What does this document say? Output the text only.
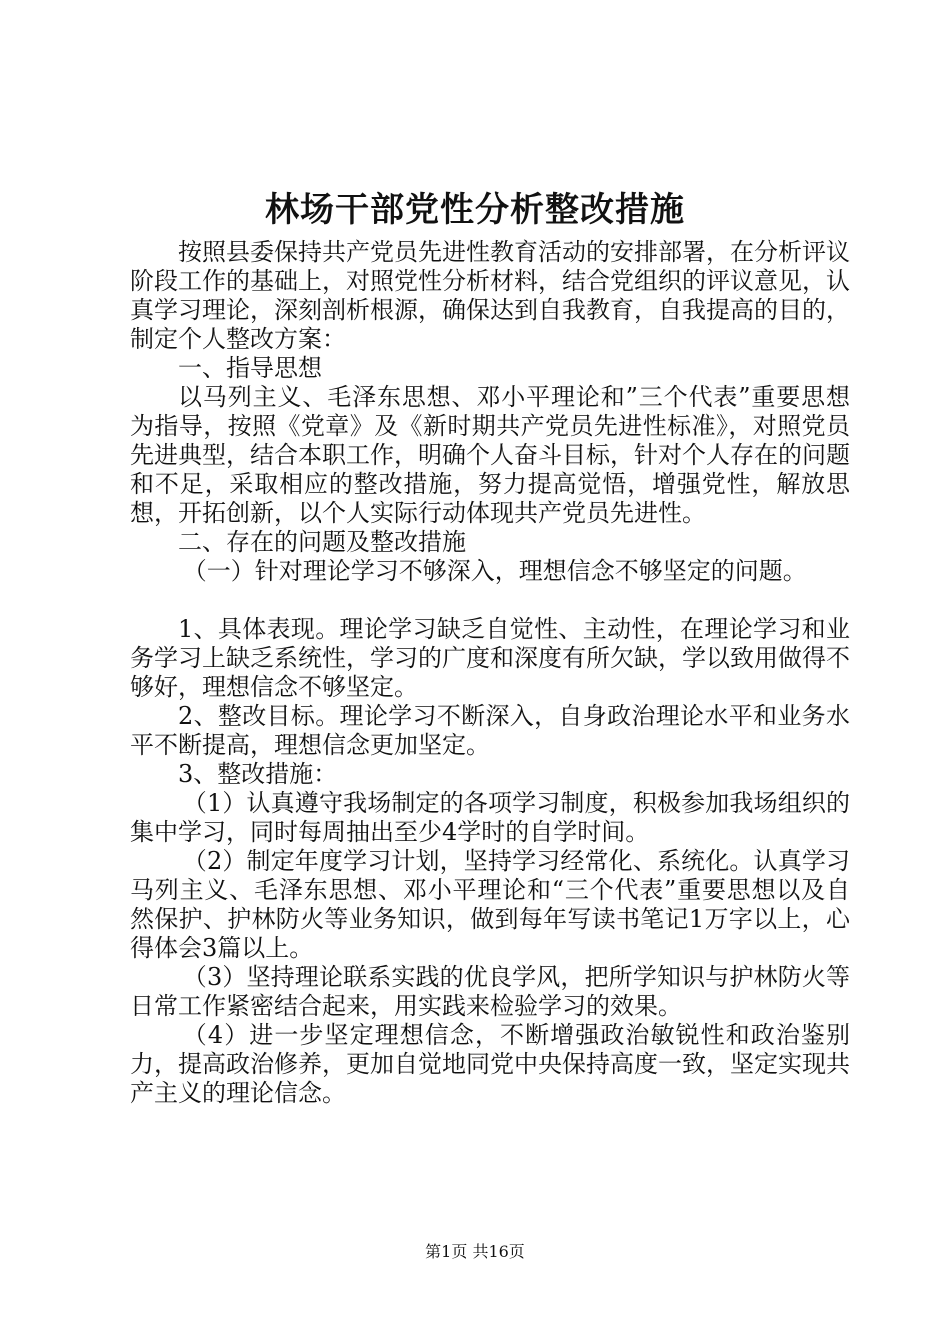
林场干部党性分析整改措施

按照县委保持共产党员先进性教育活动的安排部署，在分析评议阶段工作的基础上，对照党性分析材料，结合党组织的评议意见，认真学习理论，深刻剖析根源，确保达到自我教育，自我提高的目的，制定个人整改方案：

一、指导思想

以马列主义、毛泽东思想、邓小平理论和”三个代表”重要思想为指导，按照《党章》及《新时期共产党员先进性标准》，对照党员先进典型，结合本职工作，明确个人奋斗目标，针对个人存在的问题和不足，采取相应的整改措施，努力提高觉悟，增强党性，解放思想，开拓创新，以个人实际行动体现共产党员先进性。

二、存在的问题及整改措施

（一）针对理论学习不够深入，理想信念不够坚定的问题。

1、具体表现。理论学习缺乏自觉性、主动性，在理论学习和业务学习上缺乏系统性，学习的广度和深度有所欠缺，学以致用做得不够好，理想信念不够坚定。

2、整改目标。理论学习不断深入，自身政治理论水平和业务水平不断提高，理想信念更加坚定。

3、整改措施：

（1）认真遵守我场制定的各项学习制度，积极参加我场组织的集中学习，同时每周抽出至少4学时的自学时间。

（2）制定年度学习计划，坚持学习经常化、系统化。认真学习马列主义、毛泽东思想、邓小平理论和“三个代表”重要思想以及自然保护、护林防火等业务知识，做到每年写读书笔记1万字以上，心得体会3篇以上。

（3）坚持理论联系实践的优良学风，把所学知识与护林防火等日常工作紧密结合起来，用实践来检验学习的效果。

（4）进一步坚定理想信念，不断增强政治敏锐性和政治鉴别力，提高政治修养，更加自觉地同党中央保持高度一致，坚定实现共产主义的理论信念。

第1页 共16页
